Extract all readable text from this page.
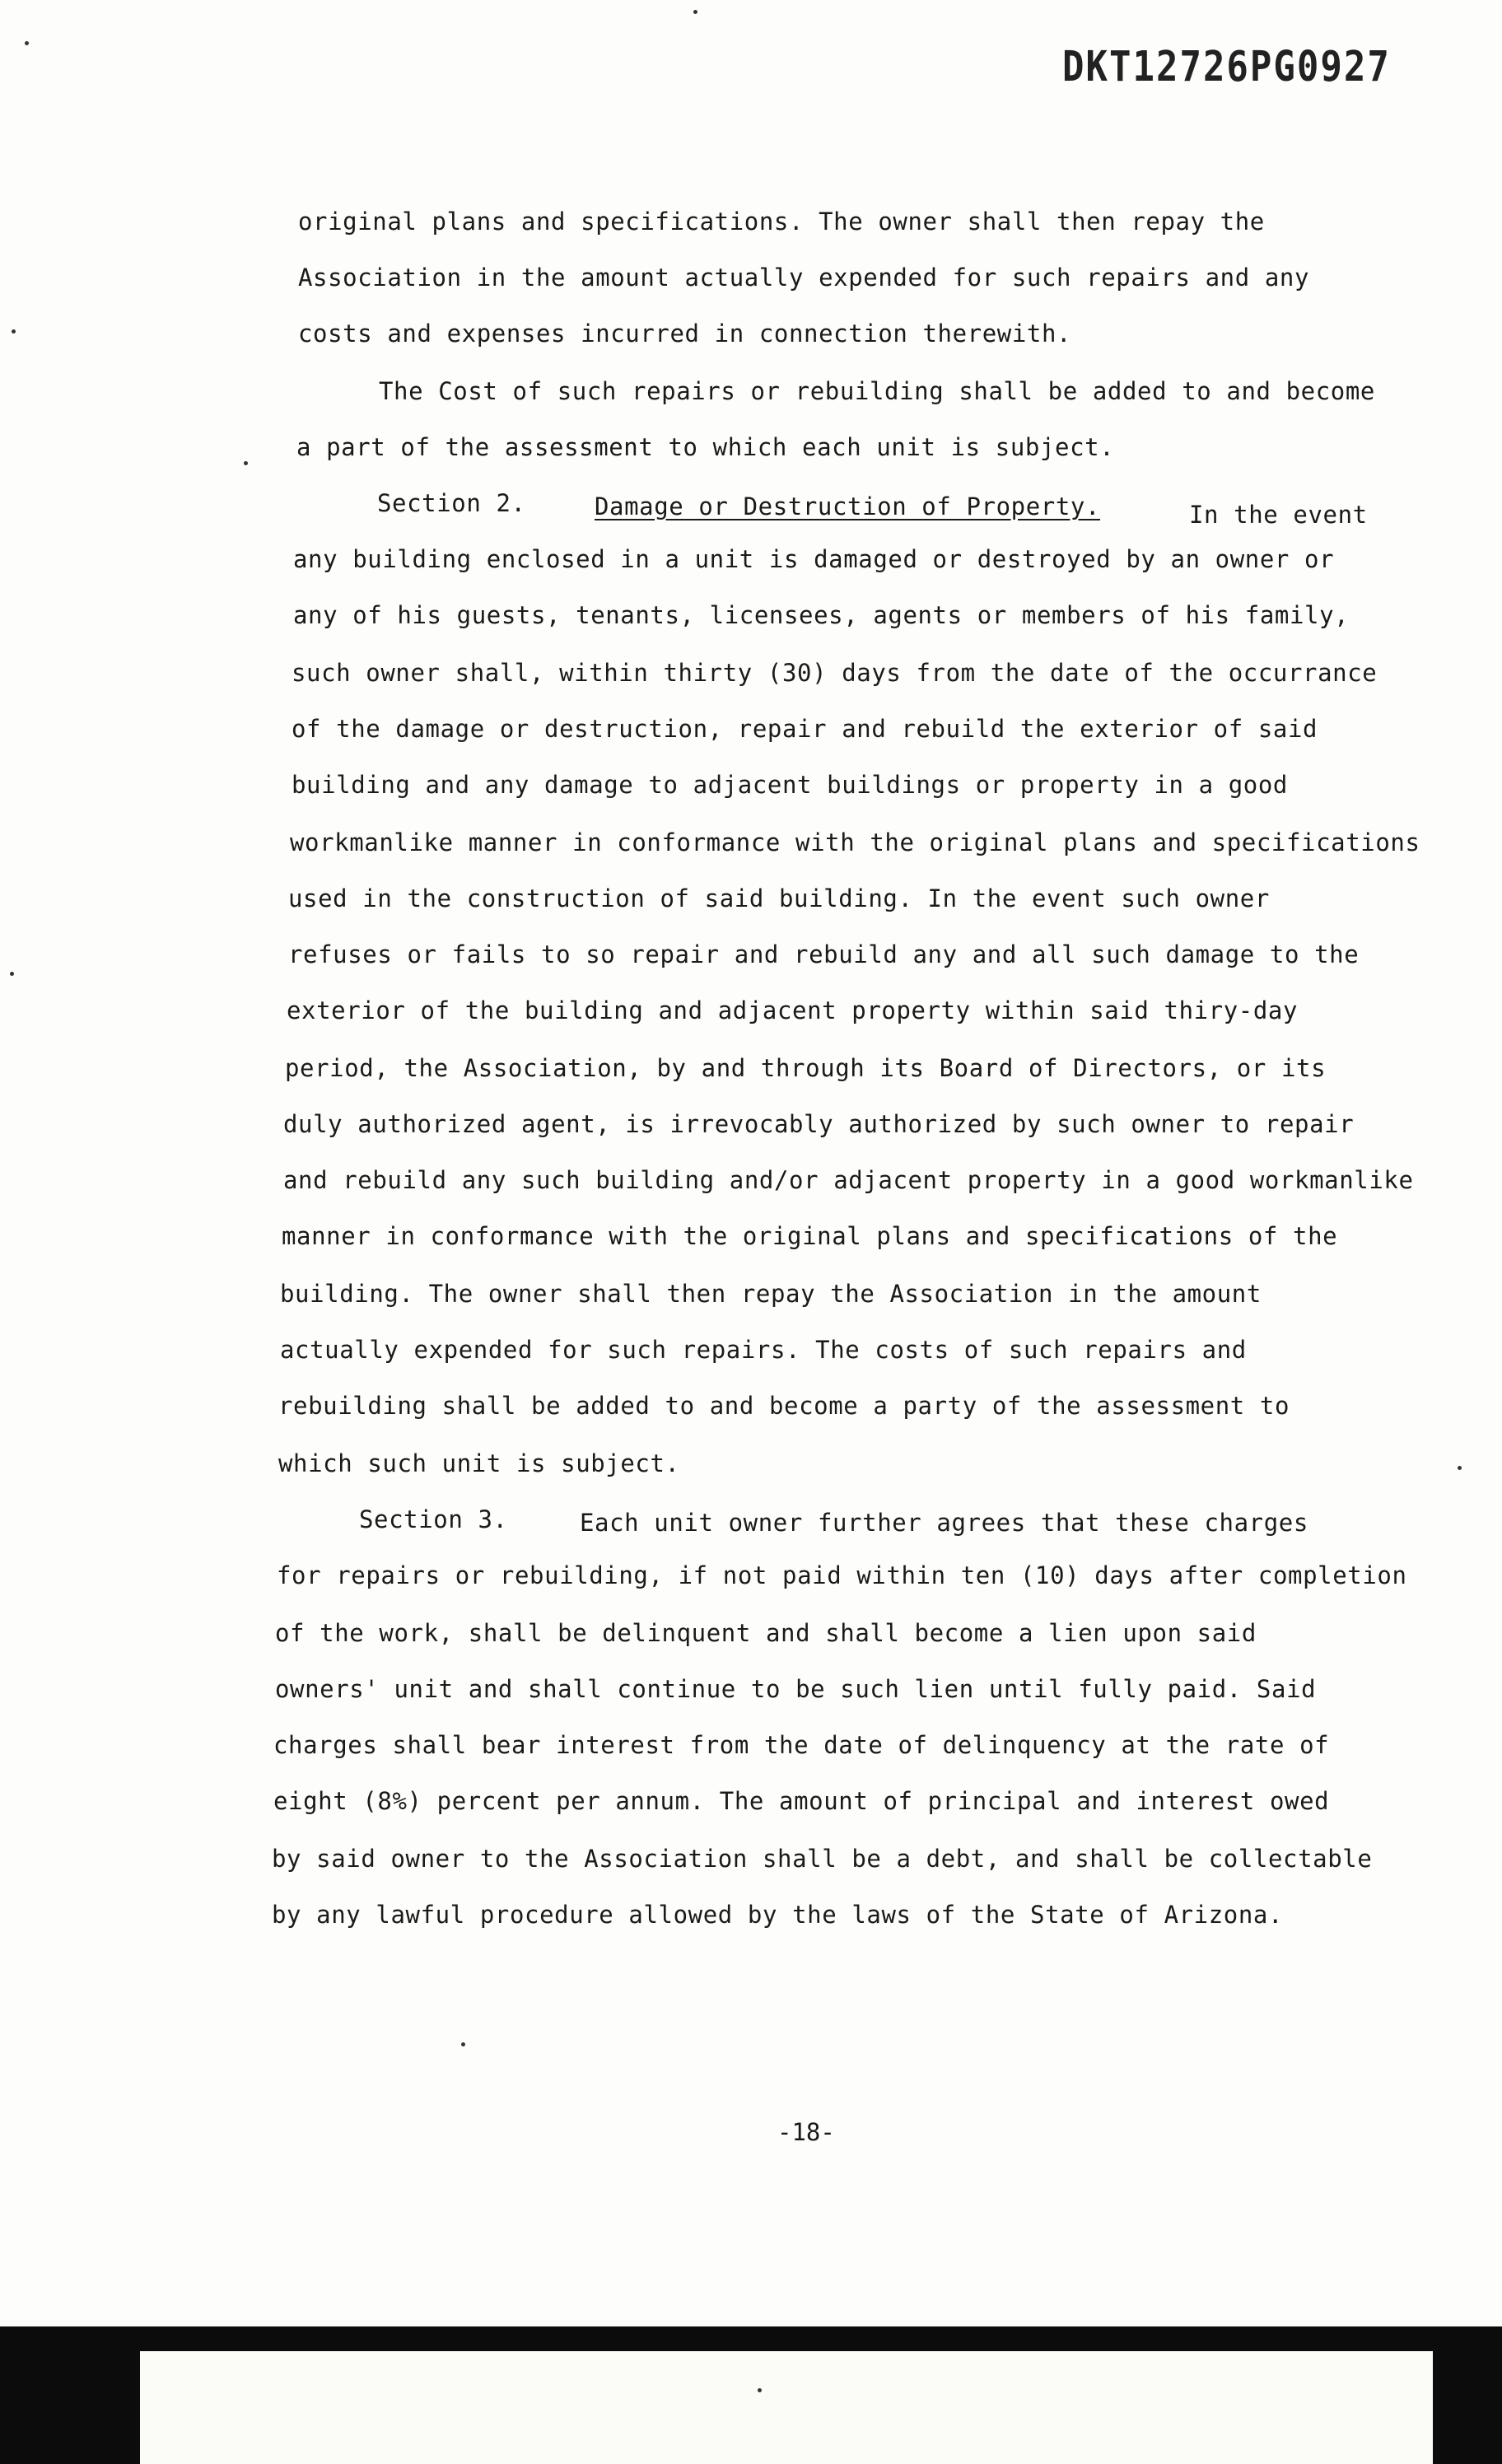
DKT12726PG0927
original plans and specifications. The owner shall then repay the
Association in the amount actually expended for such repairs and any
costs and expenses incurred in connection therewith.
The Cost of such repairs or rebuilding shall be added to and become
a part of the assessment to which each unit is subject.
Section 2.	Damage or Destruction of Property.	In the event
any building enclosed in a unit is damaged or destroyed by an owner or
any of his guests, tenants, licensees, agents or members of his family,
such owner shall, within thirty (30) days from the date of the occurrance
of the damage or destruction, repair and rebuild the exterior of said
building and any damage to adjacent buildings or property in a good
workmanlike manner in conformance with the original plans and specifications
used in the construction of said building. In the event such owner
refuses or fails to so repair and rebuild any and all such damage to the
exterior of the building and adjacent property within said thiry-day
period, the Association, by and through its Board of Directors, or its
duly authorized agent, is irrevocably authorized by such owner to repair
and rebuild any such building and/or adjacent property in a good workmanlike
manner in conformance with the original plans and specifications of the
building. The owner shall then repay the Association in the amount
actually expended for such repairs. The costs of such repairs and
rebuilding shall be added to and become a party of the assessment to
which such unit is subject.
Section 3.	Each unit owner further agrees that these charges
for repairs or rebuilding, if not paid within ten (10) days after completion
of the work, shall be delinquent and shall become a lien upon said
owners' unit and shall continue to be such lien until fully paid. Said
charges shall bear interest from the date of delinquency at the rate of
eight (8%) percent per annum. The amount of principal and interest owed
by said owner to the Association shall be a debt, and shall be collectable
by any lawful procedure allowed by the laws of the State of Arizona.
-18-
